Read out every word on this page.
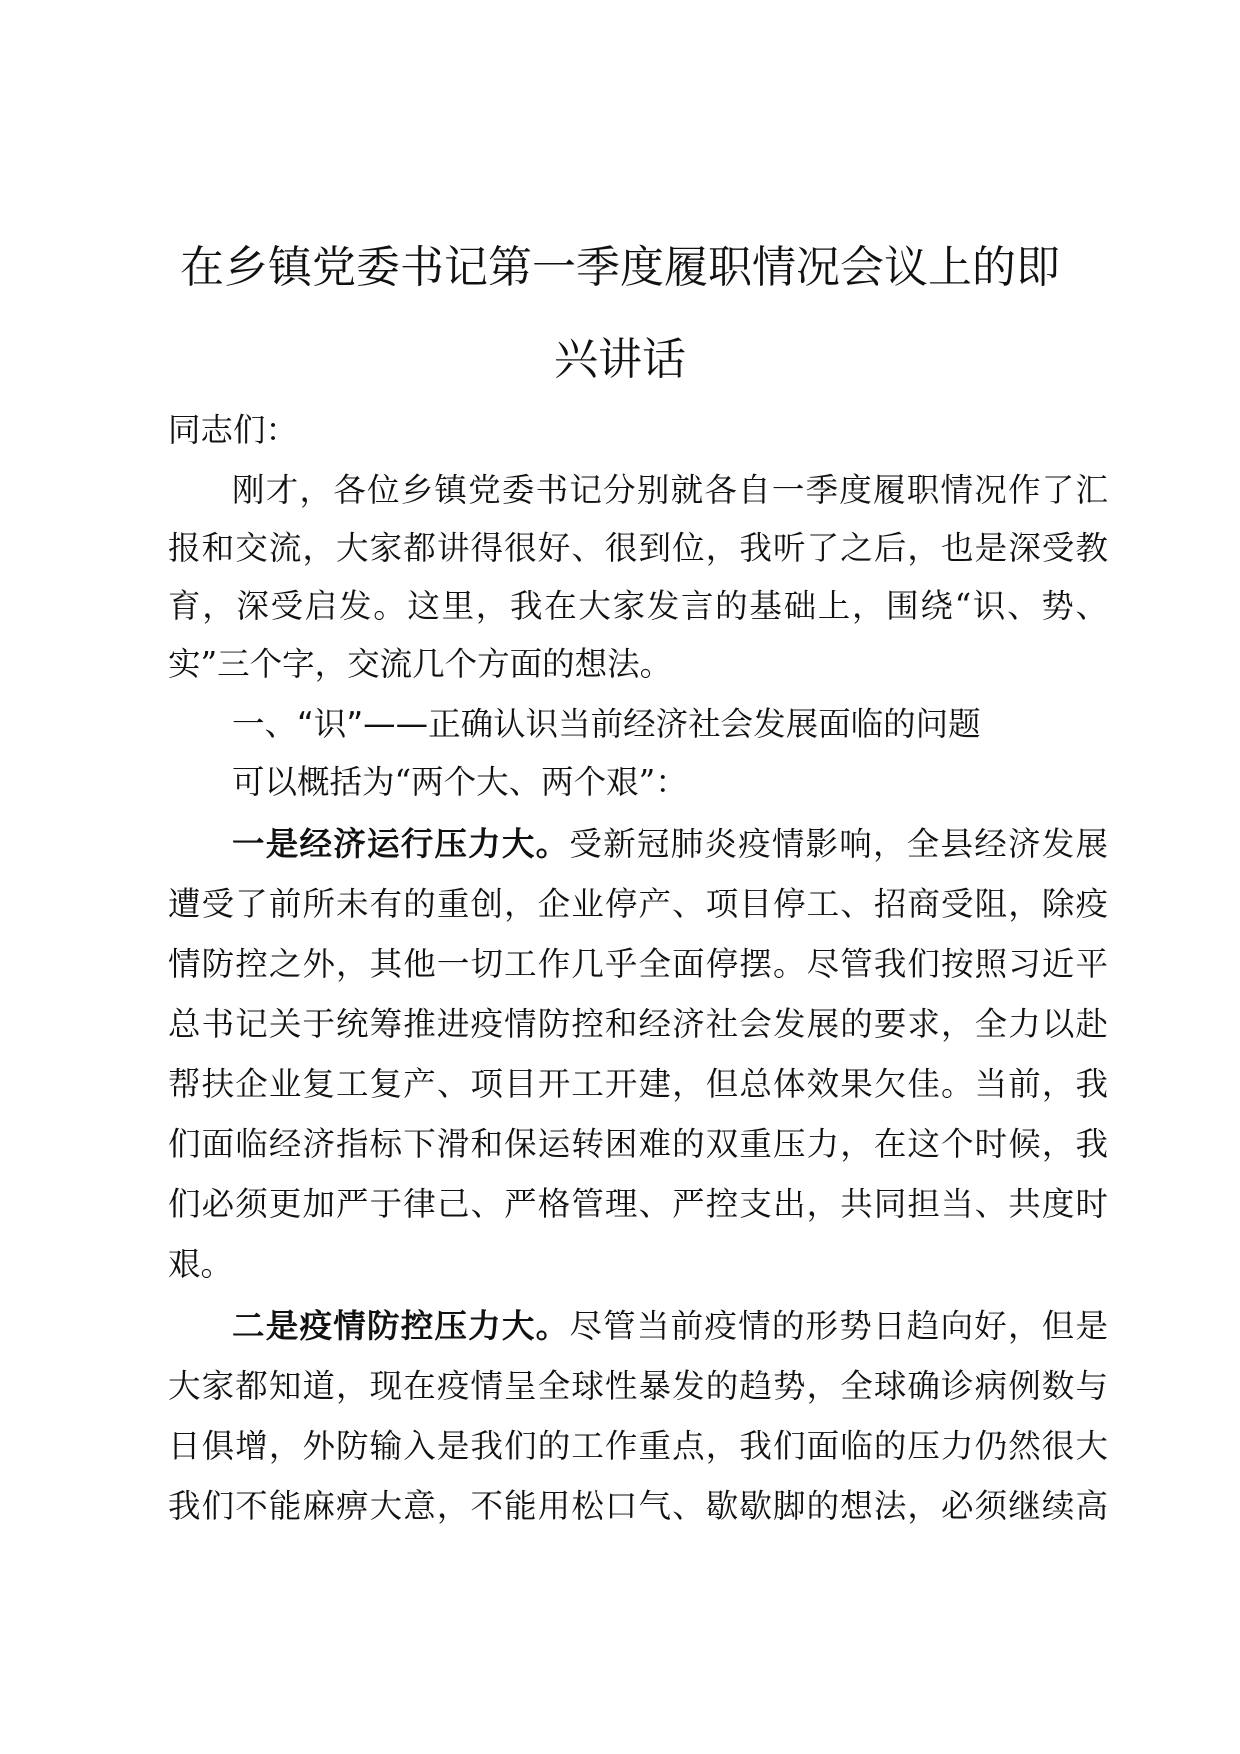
在乡镇党委书记第一季度履职情况会议上的即
兴讲话

同志们：

刚才，各位乡镇党委书记分别就各自一季度履职情况作了汇

报和交流，大家都讲得很好、很到位，我听了之后，也是深受教

育，深受启发。这里，我在大家发言的基础上，围绕“识、势、

实”三个字，交流几个方面的想法。

一、“识”——正确认识当前经济社会发展面临的问题

可以概括为“两个大、两个艰”：

一是经济运行压力大。受新冠肺炎疫情影响，全县经济发展

遭受了前所未有的重创，企业停产、项目停工、招商受阻，除疫

情防控之外，其他一切工作几乎全面停摆。尽管我们按照习近平

总书记关于统筹推进疫情防控和经济社会发展的要求，全力以赴

帮扶企业复工复产、项目开工开建，但总体效果欠佳。当前，我

们面临经济指标下滑和保运转困难的双重压力，在这个时候，我

们必须更加严于律己、严格管理、严控支出，共同担当、共度时

艰。

二是疫情防控压力大。尽管当前疫情的形势日趋向好，但是

大家都知道，现在疫情呈全球性暴发的趋势，全球确诊病例数与

日俱增，外防输入是我们的工作重点，我们面临的压力仍然很大

我们不能麻痹大意，不能用松口气、歇歇脚的想法，必须继续高
